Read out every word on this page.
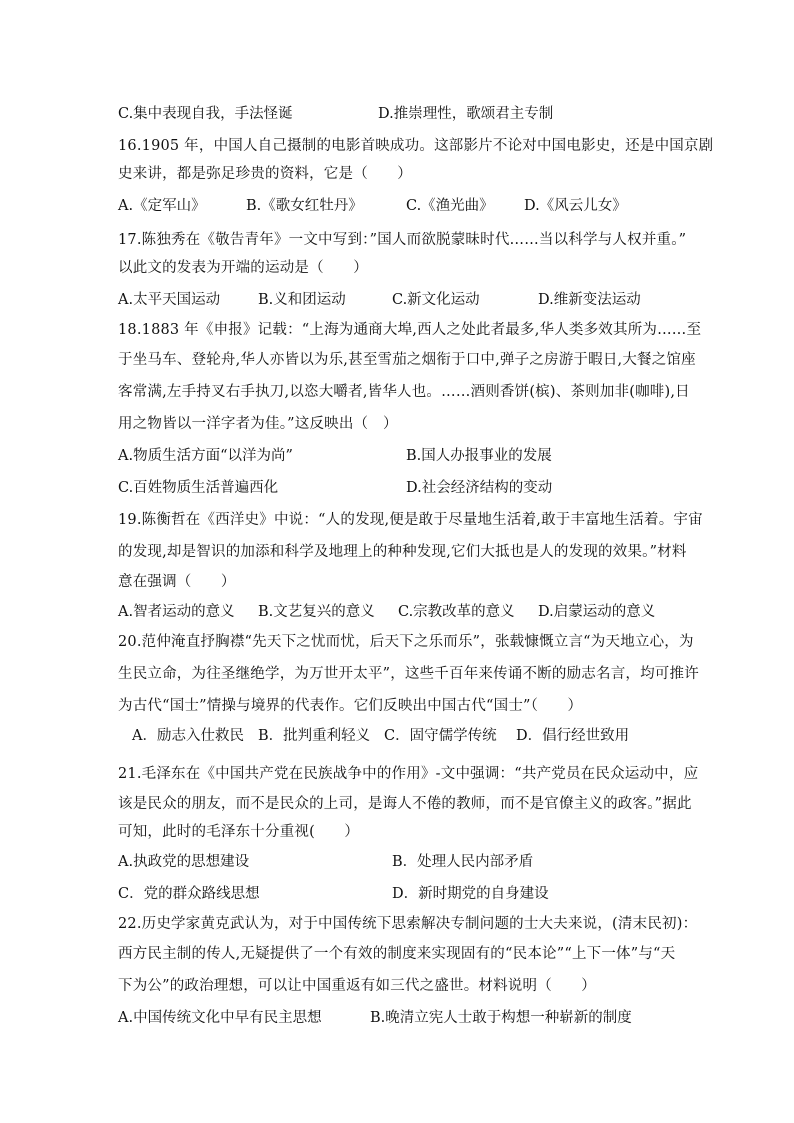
C.集中表现自我，手法怪诞	D.推崇理性，歌颂君主专制
16.1905 年，中国人自己摄制的电影首映成功。这部影片不论对中国电影史，还是中国京剧
史来讲，都是弥足珍贵的资料，它是（　　）
A.《定军山》	B.《歌女红牡丹》	C.《渔光曲》 D.《风云儿女》
17.陈独秀在《敬告青年》一文中写到：”国人而欲脱蒙昧时代……当以科学与人权并重。”
以此文的发表为开端的运动是（　　）
A.太平天国运动	B.义和团运动	C.新文化运动	D.维新变法运动
18.1883 年《申报》记载：“上海为通商大埠,西人之处此者最多,华人类多效其所为……至
于坐马车、登轮舟,华人亦皆以为乐,甚至雪茄之烟衔于口中,弹子之房游于暇日,大餐之馆座
客常满,左手持叉右手执刀,以恣大嚼者,皆华人也。……酒则香饼(槟)、茶则加非(咖啡),日
用之物皆以一洋字者为佳。”这反映出（　）
A.物质生活方面“以洋为尚”	B.国人办报事业的发展
C.百姓物质生活普遍西化	D.社会经济结构的变动
19.陈衡哲在《西洋史》中说：“人的发现,便是敢于尽量地生活着,敢于丰富地生活着。宇宙
的发现,却是智识的加添和科学及地理上的种种发现,它们大抵也是人的发现的效果。”材料
意在强调（　　）
A.智者运动的意义 B.文艺复兴的意义 C.宗教改革的意义 D.启蒙运动的意义
20.范仲淹直抒胸襟“先天下之忧而忧，后天下之乐而乐”，张载慷慨立言“为天地立心，为
生民立命，为往圣继绝学，为万世开太平”，这些千百年来传诵不断的励志名言，均可推许
为古代“国士”情操与境界的代表作。它们反映出中国古代“国士”（　　）
A．励志入仕救民 B．批判重利轻义 C．固守儒学传统 D．倡行经世致用
21.毛泽东在《中国共产党在民族战争中的作用》-文中强调：“共产党员在民众运动中，应
该是民众的朋友，而不是民众的上司，是诲人不倦的教师，而不是官僚主义的政客。”据此
可知，此时的毛泽东十分重视(　　）
A.执政党的思想建设	B．处理人民内部矛盾
C．党的群众路线思想	D．新时期党的自身建设
22.历史学家黄克武认为，对于中国传统下思索解决专制问题的士大夫来说，(清末民初)：
西方民主制的传人,无疑提供了一个有效的制度来实现固有的“民本论”“上下一体”与“天
下为公”的政治理想，可以让中国重返有如三代之盛世。材料说明（　　）
A.中国传统文化中早有民主思想	B.晚清立宪人士敢于构想一种崭新的制度
